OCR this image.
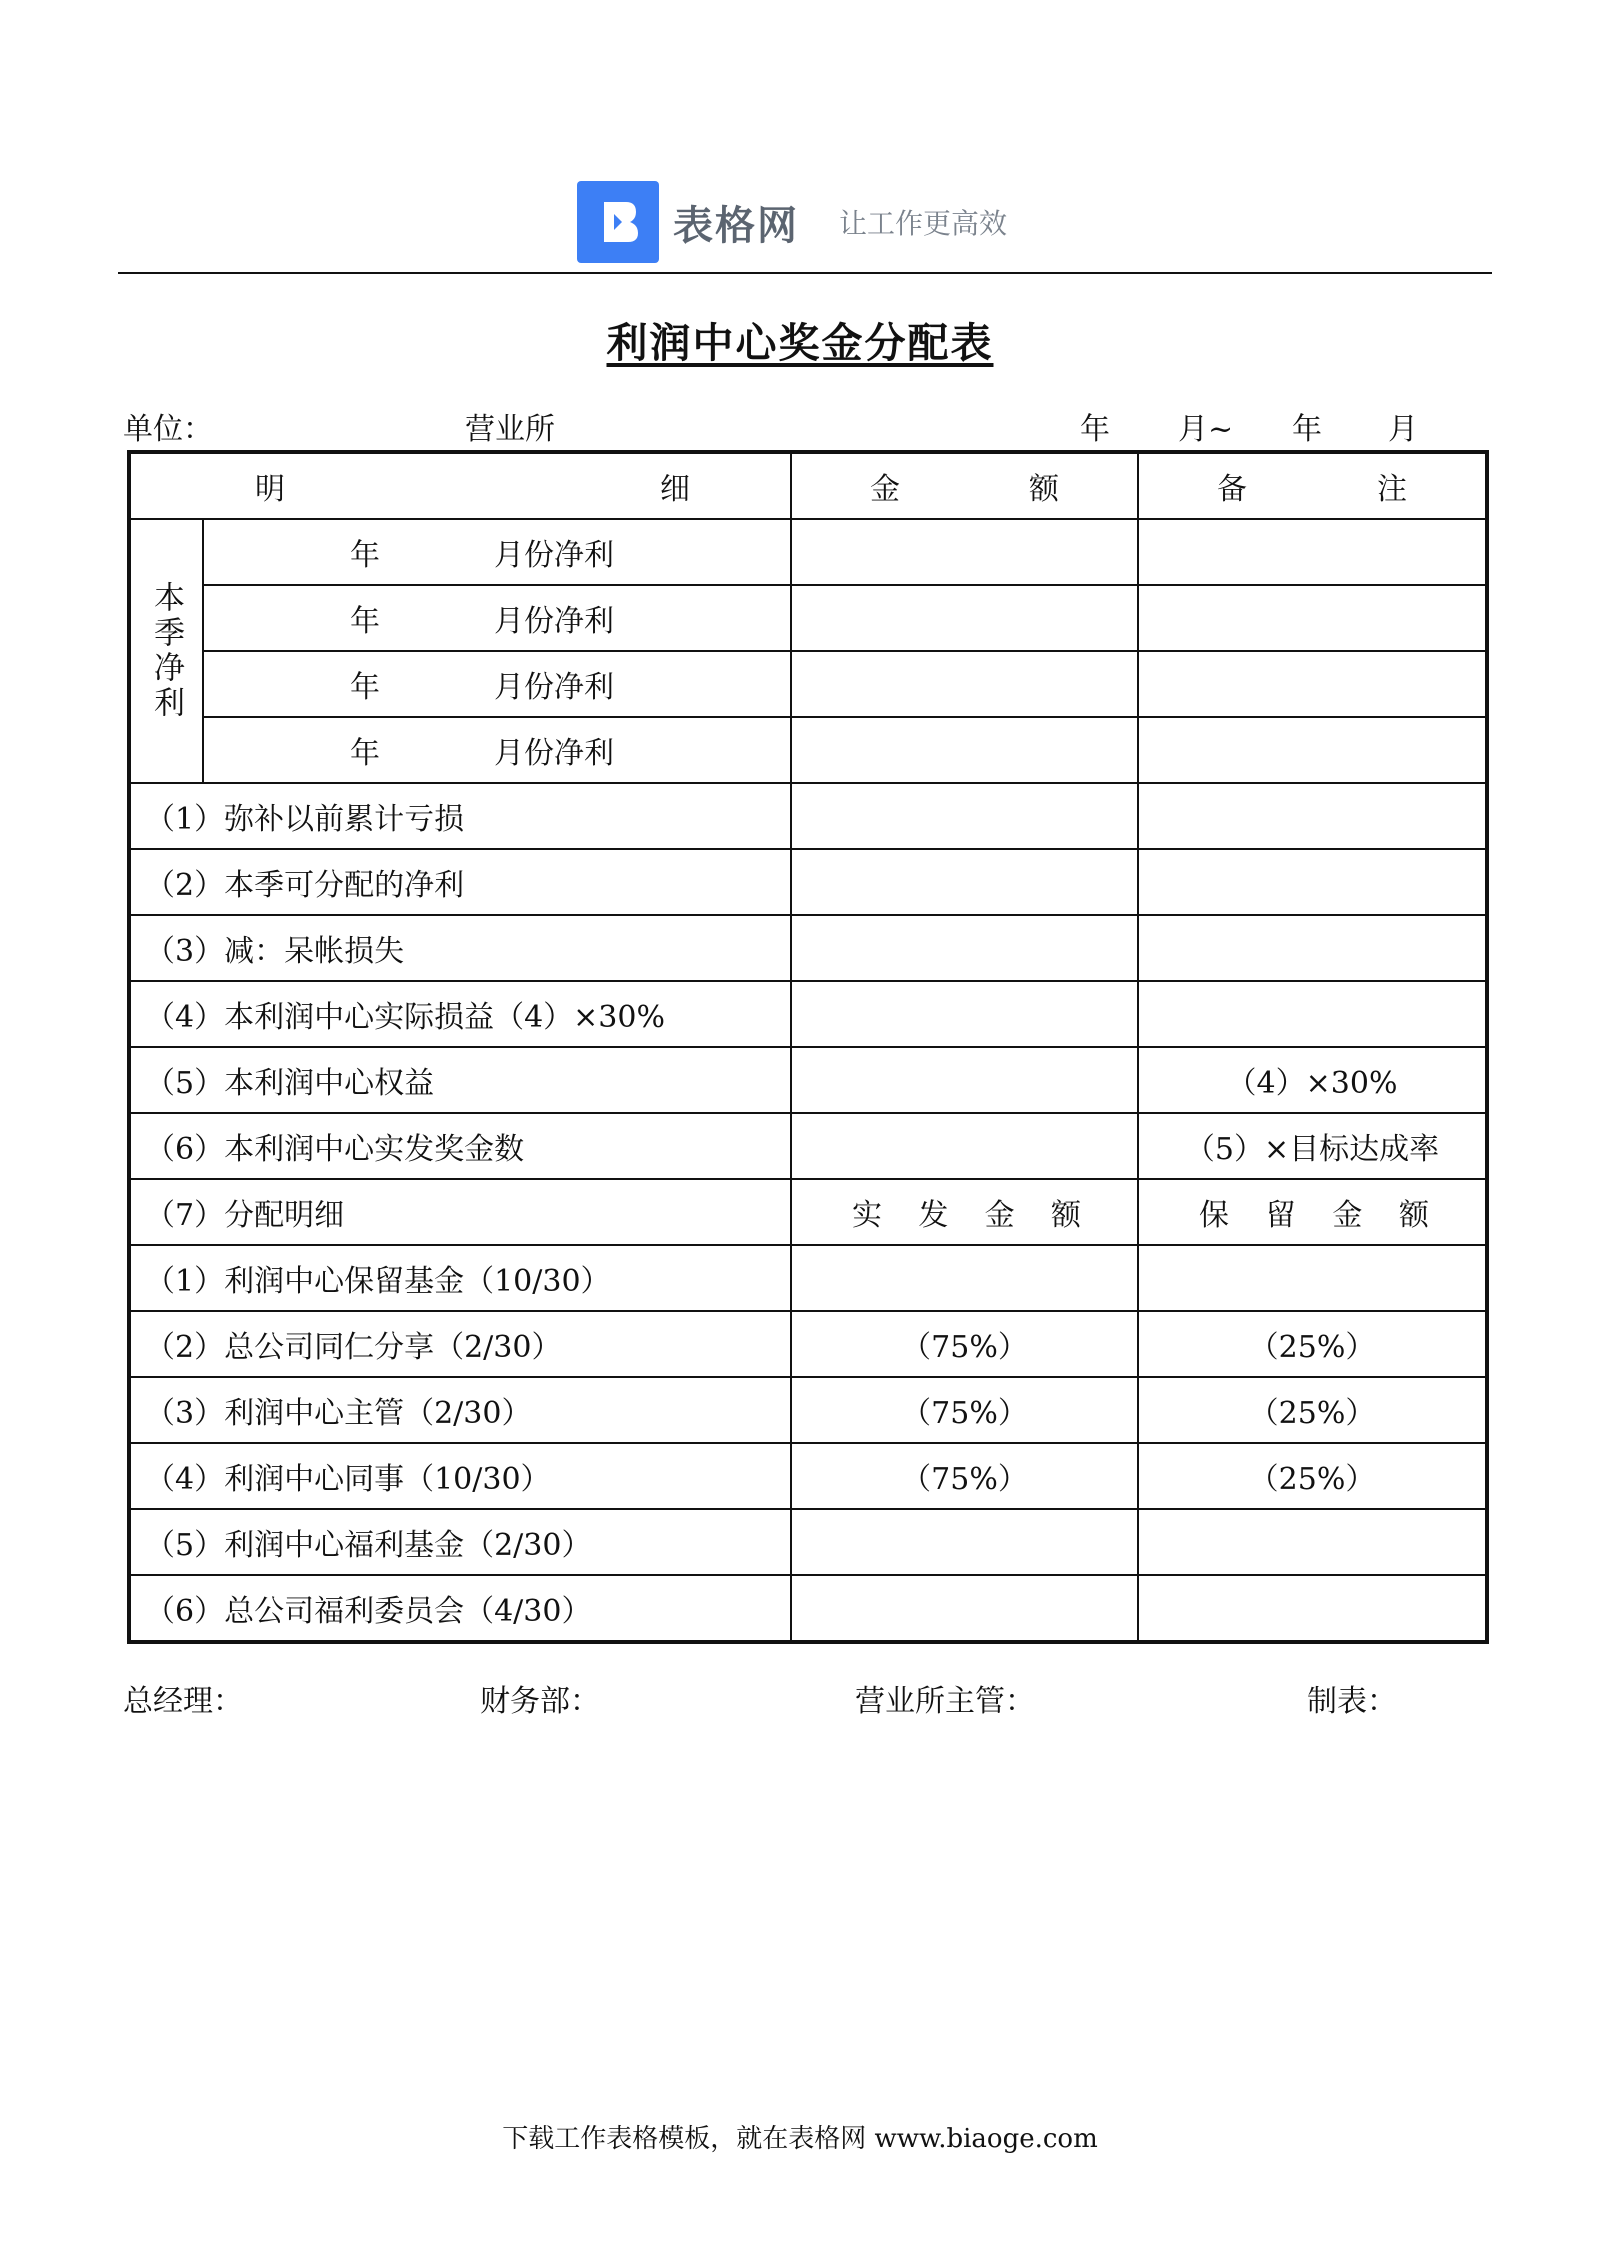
表格网 让工作更高效
利润中心奖金分配表
单位：	营业所	年 月~ 年 月
明 细		金 额	备 注

本季净利	年 月份净利		
	年 月份净利		
	年 月份净利		
	年 月份净利		
（1）弥补以前累计亏损			
（2）本季可分配的净利			
（3）减：呆帐损失			
（4）本利润中心实际损益（4）×30%			
（5）本利润中心权益			（4）×30%
（6）本利润中心实发奖金数			（5）×目标达成率
（7）分配明细		实 发 金 额	保 留 金 额

（1）利润中心保留基金（10/30）			
（2）总公司同仁分享（2/30）		（75%）	（25%）
（3）利润中心主管（2/30）		（75%）	（25%）
（4）利润中心同事（10/30）		（75%）	（25%）
（5）利润中心福利基金（2/30）			
（6）总公司福利委员会（4/30）			
总经理：	财务部：	营业所主管：	制表：
下载工作表格模板，就在表格网 www.biaoge.com
